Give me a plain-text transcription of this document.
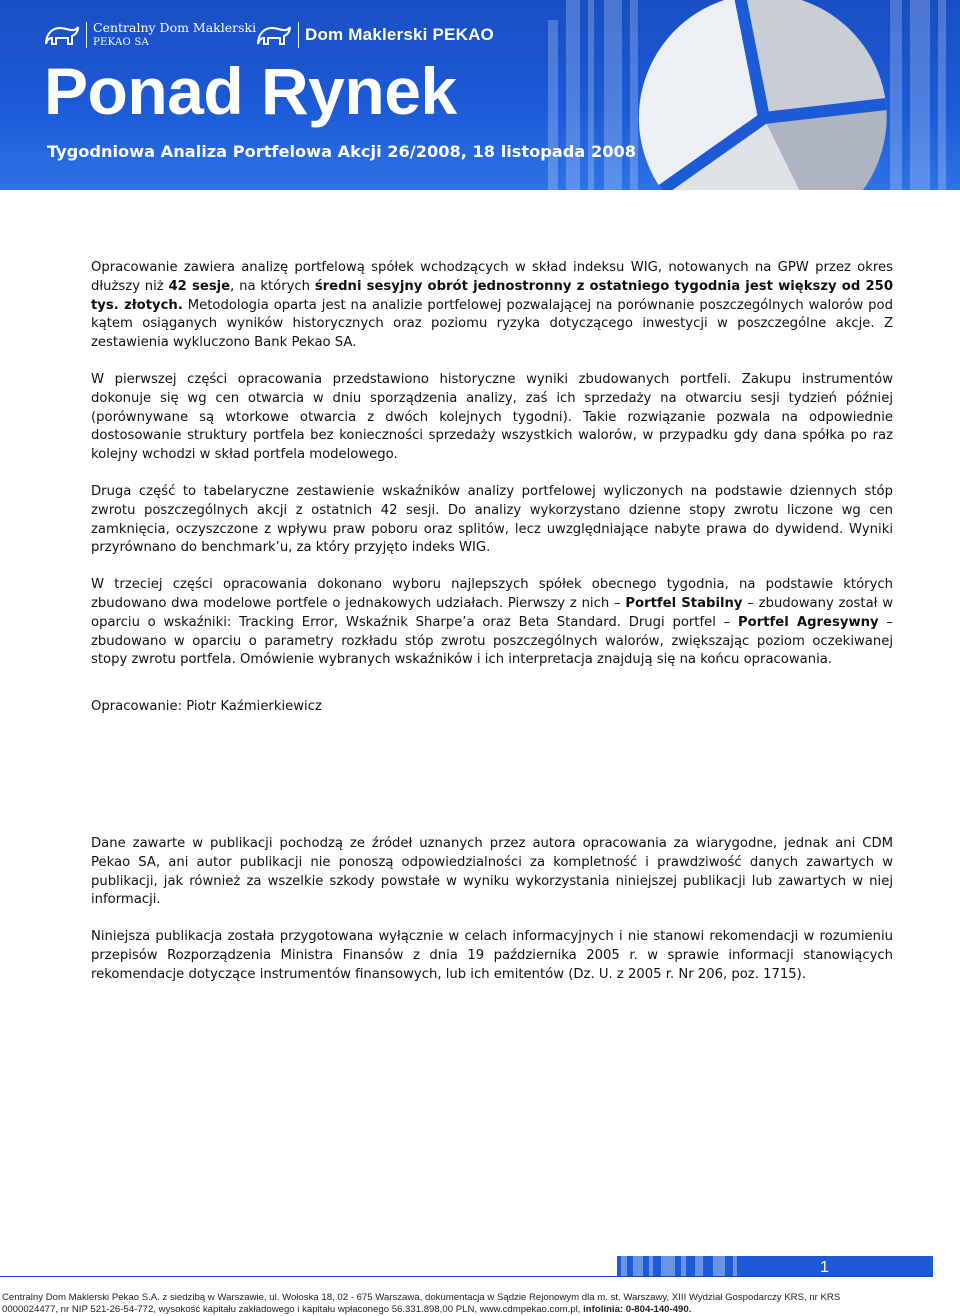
Centralny Dom Maklerski
PEKAO SA	Dom Maklerski PEKAO
Ponad Rynek
Tygodniowa Analiza Portfelowa Akcji 26/2008, 18 listopada 2008

Opracowanie zawiera analizę portfelową spółek wchodzących w skład indeksu WIG, notowanych na GPW przez okres dłuższy niż 42 sesje, na których średni sesyjny obrót jednostronny z ostatniego tygodnia jest większy od 250 tys. złotych. Metodologia oparta jest na analizie portfelowej pozwalającej na porównanie poszczególnych walorów pod kątem osiąganych wyników historycznych oraz poziomu ryzyka dotyczącego inwestycji w poszczególne akcje. Z zestawienia wykluczono Bank Pekao SA.

W pierwszej części opracowania przedstawiono historyczne wyniki zbudowanych portfeli. Zakupu instrumentów dokonuje się wg cen otwarcia w dniu sporządzenia analizy, zaś ich sprzedaży na otwarciu sesji tydzień później (porównywane są wtorkowe otwarcia z dwóch kolejnych tygodni). Takie rozwiązanie pozwala na odpowiednie dostosowanie struktury portfela bez konieczności sprzedaży wszystkich walorów, w przypadku gdy dana spółka po raz kolejny wchodzi w skład portfela modelowego.

Druga część to tabelaryczne zestawienie wskaźników analizy portfelowej wyliczonych na podstawie dziennych stóp zwrotu poszczególnych akcji z ostatnich 42 sesji. Do analizy wykorzystano dzienne stopy zwrotu liczone wg cen zamknięcia, oczyszczone z wpływu praw poboru oraz splitów, lecz uwzględniające nabyte prawa do dywidend. Wyniki przyrównano do benchmark’u, za który przyjęto indeks WIG.

W trzeciej części opracowania dokonano wyboru najlepszych spółek obecnego tygodnia, na podstawie których zbudowano dwa modelowe portfele o jednakowych udziałach. Pierwszy z nich – Portfel Stabilny – zbudowany został w oparciu o wskaźniki: Tracking Error, Wskaźnik Sharpe’a oraz Beta Standard. Drugi portfel – Portfel Agresywny – zbudowano w oparciu o parametry rozkładu stóp zwrotu poszczególnych walorów, zwiększając poziom oczekiwanej stopy zwrotu portfela. Omówienie wybranych wskaźników i ich interpretacja znajdują się na końcu opracowania.

Opracowanie: Piotr Kaźmierkiewicz

Dane zawarte w publikacji pochodzą ze źródeł uznanych przez autora opracowania za wiarygodne, jednak ani CDM Pekao SA, ani autor publikacji nie ponoszą odpowiedzialności za kompletność i prawdziwość danych zawartych w publikacji, jak również za wszelkie szkody powstałe w wyniku wykorzystania niniejszej publikacji lub zawartych w niej informacji.

Niniejsza publikacja została przygotowana wyłącznie w celach informacyjnych i nie stanowi rekomendacji w rozumieniu przepisów Rozporządzenia Ministra Finansów z dnia 19 października 2005 r. w sprawie informacji stanowiących rekomendacje dotyczące instrumentów finansowych, lub ich emitentów (Dz. U. z 2005 r. Nr 206, poz. 1715).

1
Centralny Dom Maklerski Pekao S.A. z siedzibą w Warszawie, ul. Wołoska 18, 02 - 675 Warszawa, dokumentacja w Sądzie Rejonowym dla m. st. Warszawy, XIII Wydział Gospodarczy KRS, nr KRS
0000024477, nr NIP 521-26-54-772, wysokość kapitału zakładowego i kapitału wpłaconego 56.331.898,00 PLN, www.cdmpekao.com.pl, infolinia: 0-804-140-490.
